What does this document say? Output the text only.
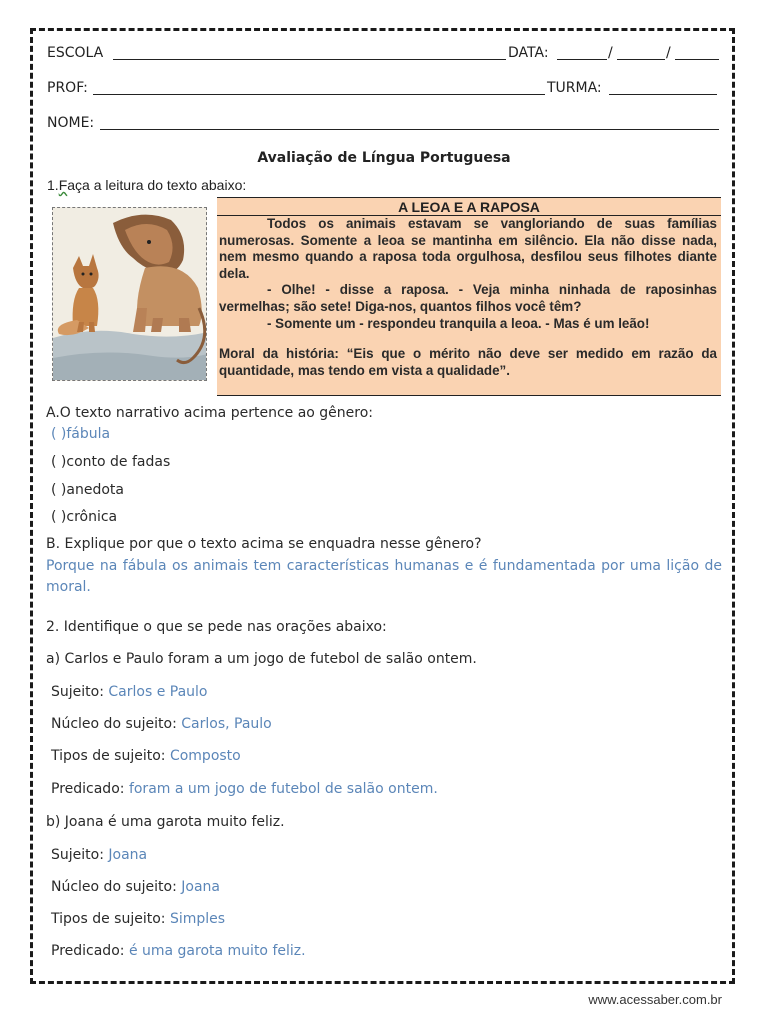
ESCOLA	DATA:	/	/
PROF:	TURMA:
NOME:
Avaliação de Língua Portuguesa
1.Faça a leitura do texto abaixo:
A LEOA E A RAPOSA

Todos os animais estavam se vangloriando de suas famílias numerosas. Somente a leoa se mantinha em silêncio. Ela não disse nada, nem mesmo quando a raposa toda orgulhosa, desfilou seus filhotes diante dela.

- Olhe! - disse a raposa. - Veja minha ninhada de raposinhas vermelhas; são sete! Diga-nos, quantos filhos você têm?

- Somente um - respondeu tranquila a leoa. - Mas é um leão!

Moral da história: “Eis que o mérito não deve ser medido em razão da quantidade, mas tendo em vista a qualidade”.

A.O texto narrativo acima pertence ao gênero:
( )fábula
( )conto de fadas
( )anedota
( )crônica
B. Explique por que o texto acima se enquadra nesse gênero?
Porque na fábula os animais tem características humanas e é fundamentada por uma lição de moral.
2. Identifique o que se pede nas orações abaixo:
a) Carlos e Paulo foram a um jogo de futebol de salão ontem.
Sujeito: Carlos e Paulo
Núcleo do sujeito: Carlos, Paulo
Tipos de sujeito: Composto
Predicado: foram a um jogo de futebol de salão ontem.
b) Joana é uma garota muito feliz.
Sujeito: Joana
Núcleo do sujeito: Joana
Tipos de sujeito: Simples
Predicado: é uma garota muito feliz.
www.acessaber.com.br
